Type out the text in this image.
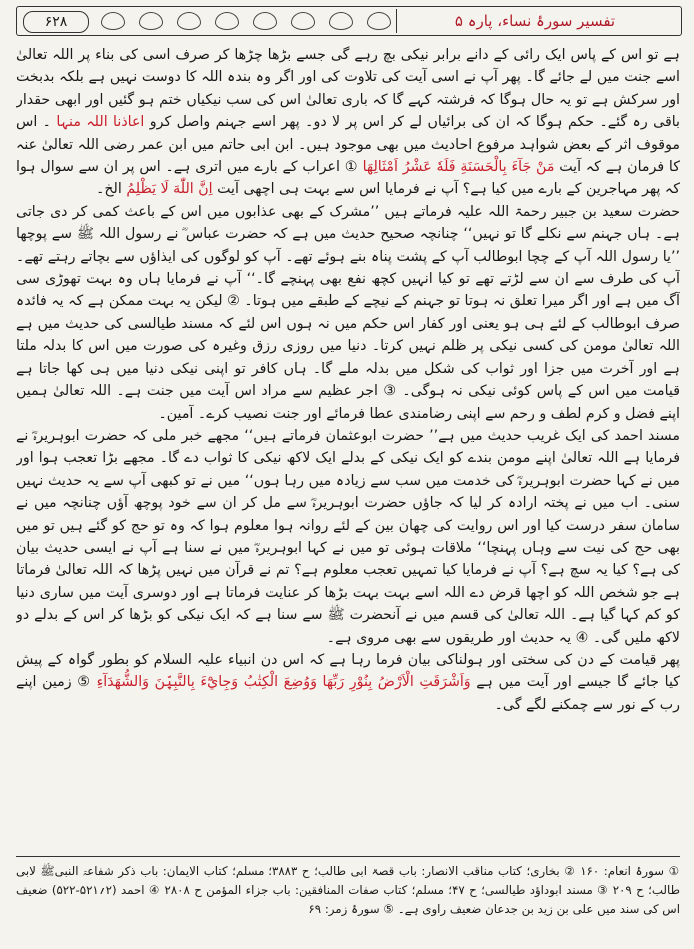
۶۲۸	تفسیر سورۂ نساء، پارہ ۵

ہے تو اس کے پاس ایک رائی کے دانے برابر نیکی بچ رہے گی جسے بڑھا چڑھا کر صرف اسی کی بناء پر اللہ تعالیٰ اسے جنت میں لے جائے گا۔ پھر آپ نے اسی آیت کی تلاوت کی اور اگر وہ بندہ اللہ کا دوست نہیں ہے بلکہ بدبخت اور سرکش ہے تو یہ حال ہوگا کہ فرشتہ کہے گا کہ باری تعالیٰ اس کی سب نیکیاں ختم ہو گئیں اور ابھی حقدار باقی رہ گئے۔ حکم ہوگا کہ ان کی برائیاں لے کر اس پر لا دو۔ پھر اسے جہنم واصل کرو اعاذنا اللہ منہا ۔ اس موقوف اثر کے بعض شواہد مرفوع احادیث میں بھی موجود ہیں۔ ابن ابی حاتم میں ابن عمر رضی اللہ تعالیٰ عنہ کا فرمان ہے کہ آیت مَنْ جَآءَ بِالْحَسَنَةِ فَلَهٗ عَشْرُ اَمْثَالِهَا ① اعراب کے بارے میں اتری ہے۔ اس پر ان سے سوال ہوا کہ پھر مہاجرین کے بارے میں کیا ہے؟ آپ نے فرمایا اس سے بہت ہی اچھی آیت اِنَّ اللّٰهَ لَا يَظْلِمُ الخ۔

حضرت سعید بن جبیر رحمۃ اللہ علیہ فرماتے ہیں ’’مشرک کے بھی عذابوں میں اس کے باعث کمی کر دی جاتی ہے۔ ہاں جہنم سے نکلے گا تو نہیں‘‘ چنانچہ صحیح حدیث میں ہے کہ حضرت عباس ؓ نے رسول اللہ ﷺ سے پوچھا ’’یا رسول اللہ آپ کے چچا ابوطالب آپ کے پشت پناہ بنے ہوئے تھے۔ آپ کو لوگوں کی ایذاؤں سے بچاتے رہتے تھے۔ آپ کی طرف سے ان سے لڑتے تھے تو کیا انہیں کچھ نفع بھی پہنچے گا۔‘‘ آپ نے فرمایا ہاں وہ بہت تھوڑی سی آگ میں ہے اور اگر میرا تعلق نہ ہوتا تو جہنم کے نیچے کے طبقے میں ہوتا۔ ② لیکن یہ بہت ممکن ہے کہ یہ فائدہ صرف ابوطالب کے لئے ہی ہو یعنی اور کفار اس حکم میں نہ ہوں اس لئے کہ مسند طیالسی کی حدیث میں ہے اللہ تعالیٰ مومن کی کسی نیکی پر ظلم نہیں کرتا۔ دنیا میں روزی رزق وغیرہ کی صورت میں اس کا بدلہ ملتا ہے اور آخرت میں جزا اور ثواب کی شکل میں بدلہ ملے گا۔ ہاں کافر تو اپنی نیکی دنیا میں ہی کھا جاتا ہے قیامت میں اس کے پاس کوئی نیکی نہ ہوگی۔ ③ اجر عظیم سے مراد اس آیت میں جنت ہے۔ اللہ تعالیٰ ہمیں اپنے فضل و کرم لطف و رحم سے اپنی رضامندی عطا فرمائے اور جنت نصیب کرے۔ آمین۔

مسند احمد کی ایک غریب حدیث میں ہے’’ حضرت ابوعثمان فرماتے ہیں‘‘ مجھے خبر ملی کہ حضرت ابوہریرہؓ نے فرمایا ہے اللہ تعالیٰ اپنے مومن بندے کو ایک نیکی کے بدلے ایک لاکھ نیکی کا ثواب دے گا۔ مجھے بڑا تعجب ہوا اور میں نے کہا حضرت ابوہریرہؓ کی خدمت میں سب سے زیادہ میں رہا ہوں‘‘ میں نے تو کبھی آپ سے یہ حدیث نہیں سنی۔ اب میں نے پختہ ارادہ کر لیا کہ جاؤں حضرت ابوہریرہؓ سے مل کر ان سے خود پوچھ آؤں چنانچہ میں نے سامان سفر درست کیا اور اس روایت کی چھان بین کے لئے روانہ ہوا معلوم ہوا کہ وہ تو حج کو گئے ہیں تو میں بھی حج کی نیت سے وہاں پہنچا‘‘ ملاقات ہوئی تو میں نے کہا ابوہریرہؓ میں نے سنا ہے آپ نے ایسی حدیث بیان کی ہے؟ کیا یہ سچ ہے؟ آپ نے فرمایا کیا تمہیں تعجب معلوم ہے؟ تم نے قرآن میں نہیں پڑھا کہ اللہ تعالیٰ فرماتا ہے جو شخص اللہ کو اچھا قرض دے اللہ اسے بہت بہت بڑھا کر عنایت فرماتا ہے اور دوسری آیت میں ساری دنیا کو کم کہا گیا ہے۔ اللہ تعالیٰ کی قسم میں نے آنحضرت ﷺ سے سنا ہے کہ ایک نیکی کو بڑھا کر اس کے بدلے دو لاکھ ملیں گی۔ ④ یہ حدیث اور طریقوں سے بھی مروی ہے۔

پھر قیامت کے دن کی سختی اور ہولناکی بیان فرما رہا ہے کہ اس دن انبیاء علیہ السلام کو بطور گواہ کے پیش کیا جائے گا جیسے اور آیت میں ہے وَاَشْرَقَتِ الْاَرْضُ بِنُوْرِ رَبِّهَا وَوُضِعَ الْكِتٰبُ وَجِايْٓءَ بِالنَّبِيّٖنَ وَالشُّهَدَآءِ ⑤ زمین اپنے رب کے نور سے چمکنے لگے گی۔

① سورۂ انعام: ۱۶۰ ② بخاری؛ کتاب مناقب الانصار: باب قصۃ ابی طالب؛ ح ۳۸۸۳؛ مسلم؛ کتاب الایمان: باب ذکر شفاعۃ النبیﷺ لابی طالب؛ ح ۲۰۹ ③ مسند ابوداؤد طیالسی؛ ح ۴۷؛ مسلم؛ کتاب صفات المنافقین: باب جزاء المؤمن ح ۲۸۰۸ ④ احمد (۲؍۵۲۱-۵۲۲) ضعیف اس کی سند میں علی بن زید بن جدعان ضعیف راوی ہے۔ ⑤ سورۂ زمر: ۶۹
